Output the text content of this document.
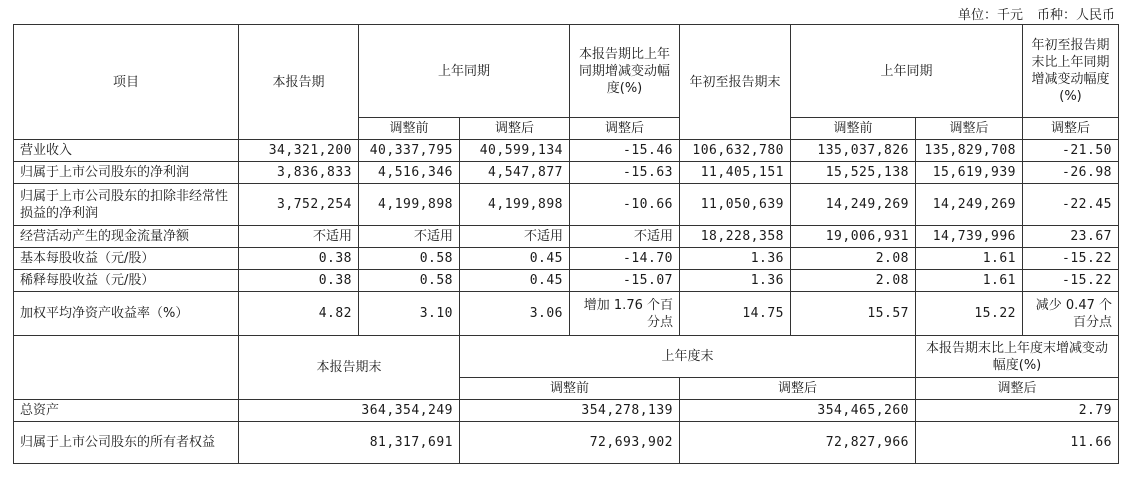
单位：千元 币种：人民币
项目	本报告期	上年同期		本报告期比上年同期增减变动幅度(%)	年初至报告期末	上年同期		年初至报告期末比上年同期增减变动幅度(%)
		调整前	调整后	调整后		调整前	调整后	调整后
营业收入	34,321,200	40,337,795	40,599,134	-15.46	106,632,780	135,037,826	135,829,708	-21.50
归属于上市公司股东的净利润	3,836,833	4,516,346	4,547,877	-15.63	11,405,151	15,525,138	15,619,939	-26.98
归属于上市公司股东的扣除非经常性损益的净利润	3,752,254	4,199,898	4,199,898	-10.66	11,050,639	14,249,269	14,249,269	-22.45
经营活动产生的现金流量净额	不适用	不适用	不适用	不适用	18,228,358	19,006,931	14,739,996	23.67
基本每股收益（元/股）	0.38	0.58	0.45	-14.70	1.36	2.08	1.61	-15.22
稀释每股收益（元/股）	0.38	0.58	0.45	-15.07	1.36	2.08	1.61	-15.22
加权平均净资产收益率（%）	4.82	3.10	3.06	增加 1.76 个百分点	14.75	15.57	15.22	减少 0.47 个百分点
	本报告期末		上年度末				本报告期末比上年度末增减变动幅度(%)	
			调整前		调整后		调整后	
总资产	364,354,249		354,278,139		354,465,260		2.79	
归属于上市公司股东的所有者权益	81,317,691		72,693,902		72,827,966		11.66	
